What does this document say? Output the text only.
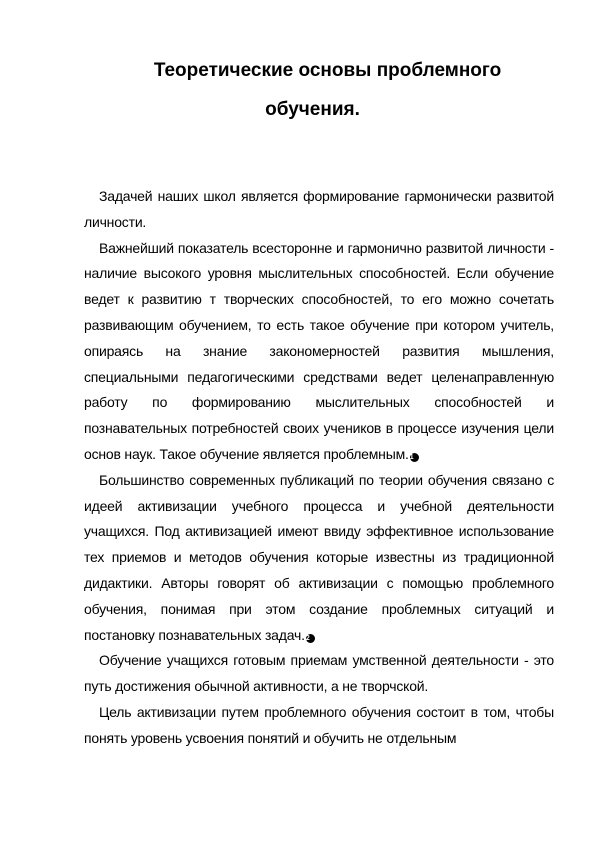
Теоретические основы проблемного
обучения.

Задачей наших школ является формирование гармонически развитой личности.

Важнейший показатель всесторонне и гармонично развитой личности - наличие высокого уровня мыслительных способностей. Если обучение ведет к развитию т творческих способностей, то его можно сочетать развивающим обучением, то есть такое обучение при котором учитель, опираясь на знание закономерностей развития мышления, специальными педагогическими средствами ведет целенаправленную работу по формированию мыслительных способностей и познавательных потребностей своих учеников в процессе изучения цели основ наук. Такое обучение является проблемным.1

Большинство современных публикаций по теории обучения связано с идеей активизации учебного процесса и учебной деятельности учащихся. Под активизацией имеют ввиду эффективное использование тех приемов и методов обучения которые известны из традиционной дидактики. Авторы говорят об активизации с помощью проблемного обучения, понимая при этом создание проблемных ситуаций и постановку познавательных задач.2

Обучение учащихся готовым приемам умственной деятельности - это путь достижения обычной активности, а не творчской.

Цель активизации путем проблемного обучения состоит в том, чтобы понять уровень усвоения понятий и обучить не отдельным
